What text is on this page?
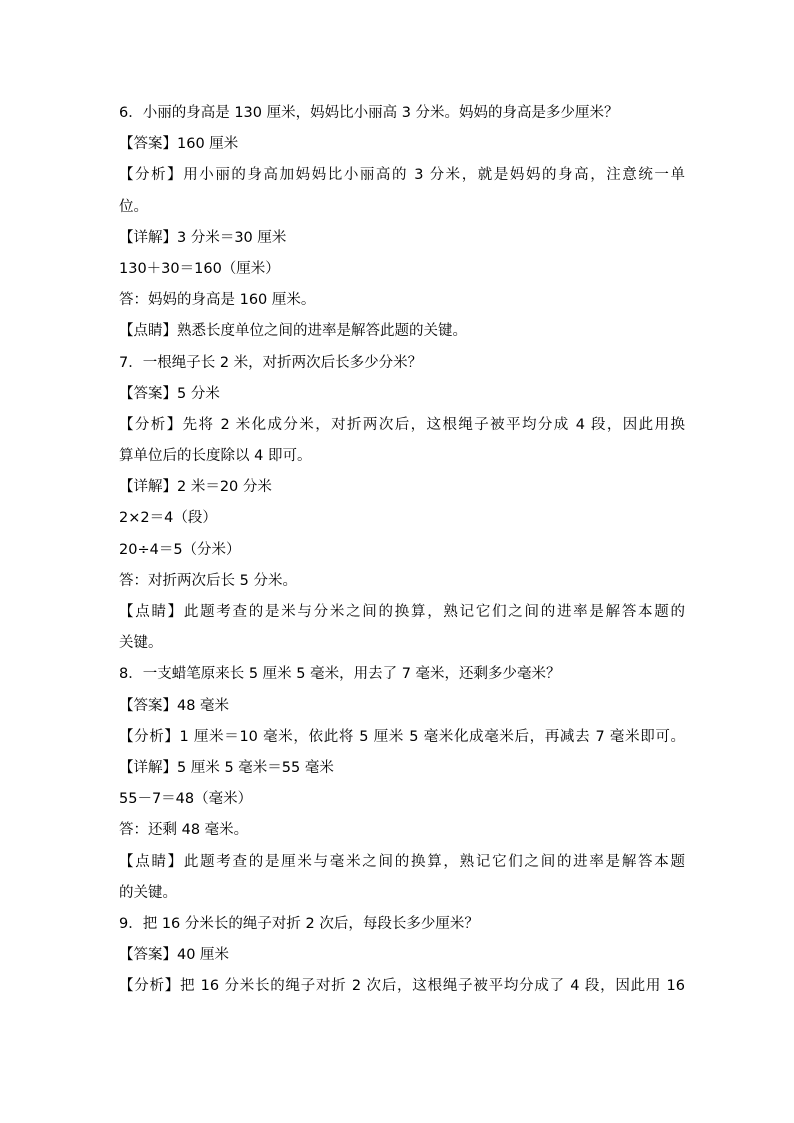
6．小丽的身高是 130 厘米，妈妈比小丽高 3 分米。妈妈的身高是多少厘米？
【答案】160 厘米
【分析】用小丽的身高加妈妈比小丽高的 3 分米，就是妈妈的身高，注意统一单
位。
【详解】3 分米＝30 厘米
130＋30＝160（厘米）
答：妈妈的身高是 160 厘米。
【点睛】熟悉长度单位之间的进率是解答此题的关键。
7．一根绳子长 2 米，对折两次后长多少分米？
【答案】5 分米
【分析】先将 2 米化成分米，对折两次后，这根绳子被平均分成 4 段，因此用换
算单位后的长度除以 4 即可。
【详解】2 米＝20 分米
2×2＝4（段）
20÷4＝5（分米）
答：对折两次后长 5 分米。
【点睛】此题考查的是米与分米之间的换算，熟记它们之间的进率是解答本题的
关键。
8．一支蜡笔原来长 5 厘米 5 毫米，用去了 7 毫米，还剩多少毫米？
【答案】48 毫米
【分析】1 厘米＝10 毫米，依此将 5 厘米 5 毫米化成毫米后，再减去 7 毫米即可。
【详解】5 厘米 5 毫米＝55 毫米
55－7＝48（毫米）
答：还剩 48 毫米。
【点睛】此题考查的是厘米与毫米之间的换算，熟记它们之间的进率是解答本题
的关键。
9．把 16 分米长的绳子对折 2 次后，每段长多少厘米？
【答案】40 厘米
【分析】把 16 分米长的绳子对折 2 次后，这根绳子被平均分成了 4 段，因此用 16
